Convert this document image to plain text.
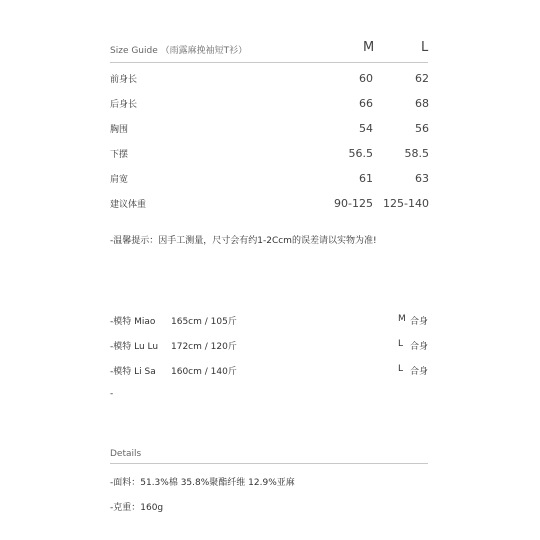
Size Guide （雨露麻挽袖短T衫）	M	L
前身长	60	62
后身长	66	68
胸围	54	56
下摆	56.5	58.5
肩宽	61	63
建议体重	90-125 125-140
-温馨提示：因手工测量，尺寸会有约1-2Ccm的误差请以实物为准!
-模特 Miao 165cm / 105斤	M 合身
-模特 Lu Lu 172cm / 120斤	L 合身
-模特 Li Sa 160cm / 140斤	L 合身
-
Details
-面料：51.3%棉 35.8%聚酯纤维 12.9%亚麻
-克重：160g
